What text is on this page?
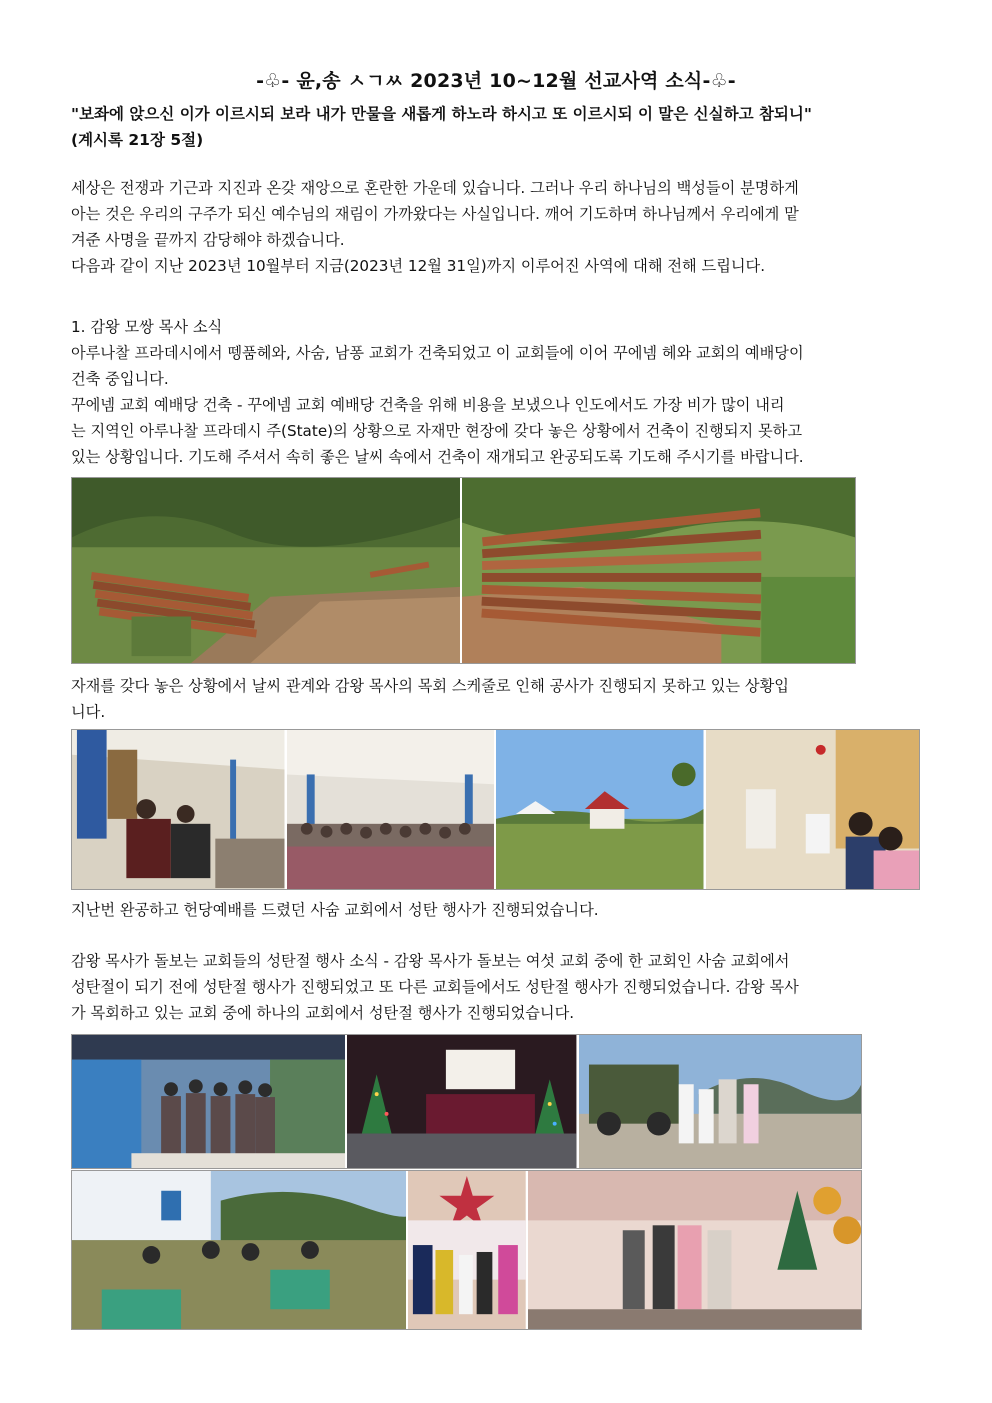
-♧- 윤,송 ㅅㄱㅆ 2023년 10~12월 선교사역 소식-♧-
"보좌에 앉으신 이가 이르시되 보라 내가 만물을 새롭게 하노라 하시고 또 이르시되 이 말은 신실하고 참되니"
(계시록 21장 5절)
세상은 전쟁과 기근과 지진과 온갖 재앙으로 혼란한 가운데 있습니다. 그러나 우리 하나님의 백성들이 분명하게
아는 것은 우리의 구주가 되신 예수님의 재림이 가까왔다는 사실입니다. 깨어 기도하며 하나님께서 우리에게 맡
겨준 사명을 끝까지 감당해야 하겠습니다.
다음과 같이 지난 2023년 10월부터 지금(2023년 12월 31일)까지 이루어진 사역에 대해 전해 드립니다.
1. 감왕 모쌍 목사 소식
아루나찰 프라데시에서 뗑품헤와, 사숨, 남퐁 교회가 건축되었고 이 교회들에 이어 꾸에넴 헤와 교회의 예배당이
건축 중입니다.
꾸에넴 교회 예배당 건축 - 꾸에넴 교회 예배당 건축을 위해 비용을 보냈으나 인도에서도 가장 비가 많이 내리
는 지역인 아루나찰 프라데시 주(State)의 상황으로 자재만 현장에 갖다 놓은 상황에서 건축이 진행되지 못하고
있는 상황입니다. 기도해 주셔서 속히 좋은 날씨 속에서 건축이 재개되고 완공되도록 기도해 주시기를 바랍니다.
자재를 갖다 놓은 상황에서 날씨 관계와 감왕 목사의 목회 스케줄로 인해 공사가 진행되지 못하고 있는 상황입
니다.
지난번 완공하고 헌당예배를 드렸던 사숨 교회에서 성탄 행사가 진행되었습니다.
감왕 목사가 돌보는 교회들의 성탄절 행사 소식 - 감왕 목사가 돌보는 여섯 교회 중에 한 교회인 사숨 교회에서
성탄절이 되기 전에 성탄절 행사가 진행되었고 또 다른 교회들에서도 성탄절 행사가 진행되었습니다. 감왕 목사
가 목회하고 있는 교회 중에 하나의 교회에서 성탄절 행사가 진행되었습니다.
